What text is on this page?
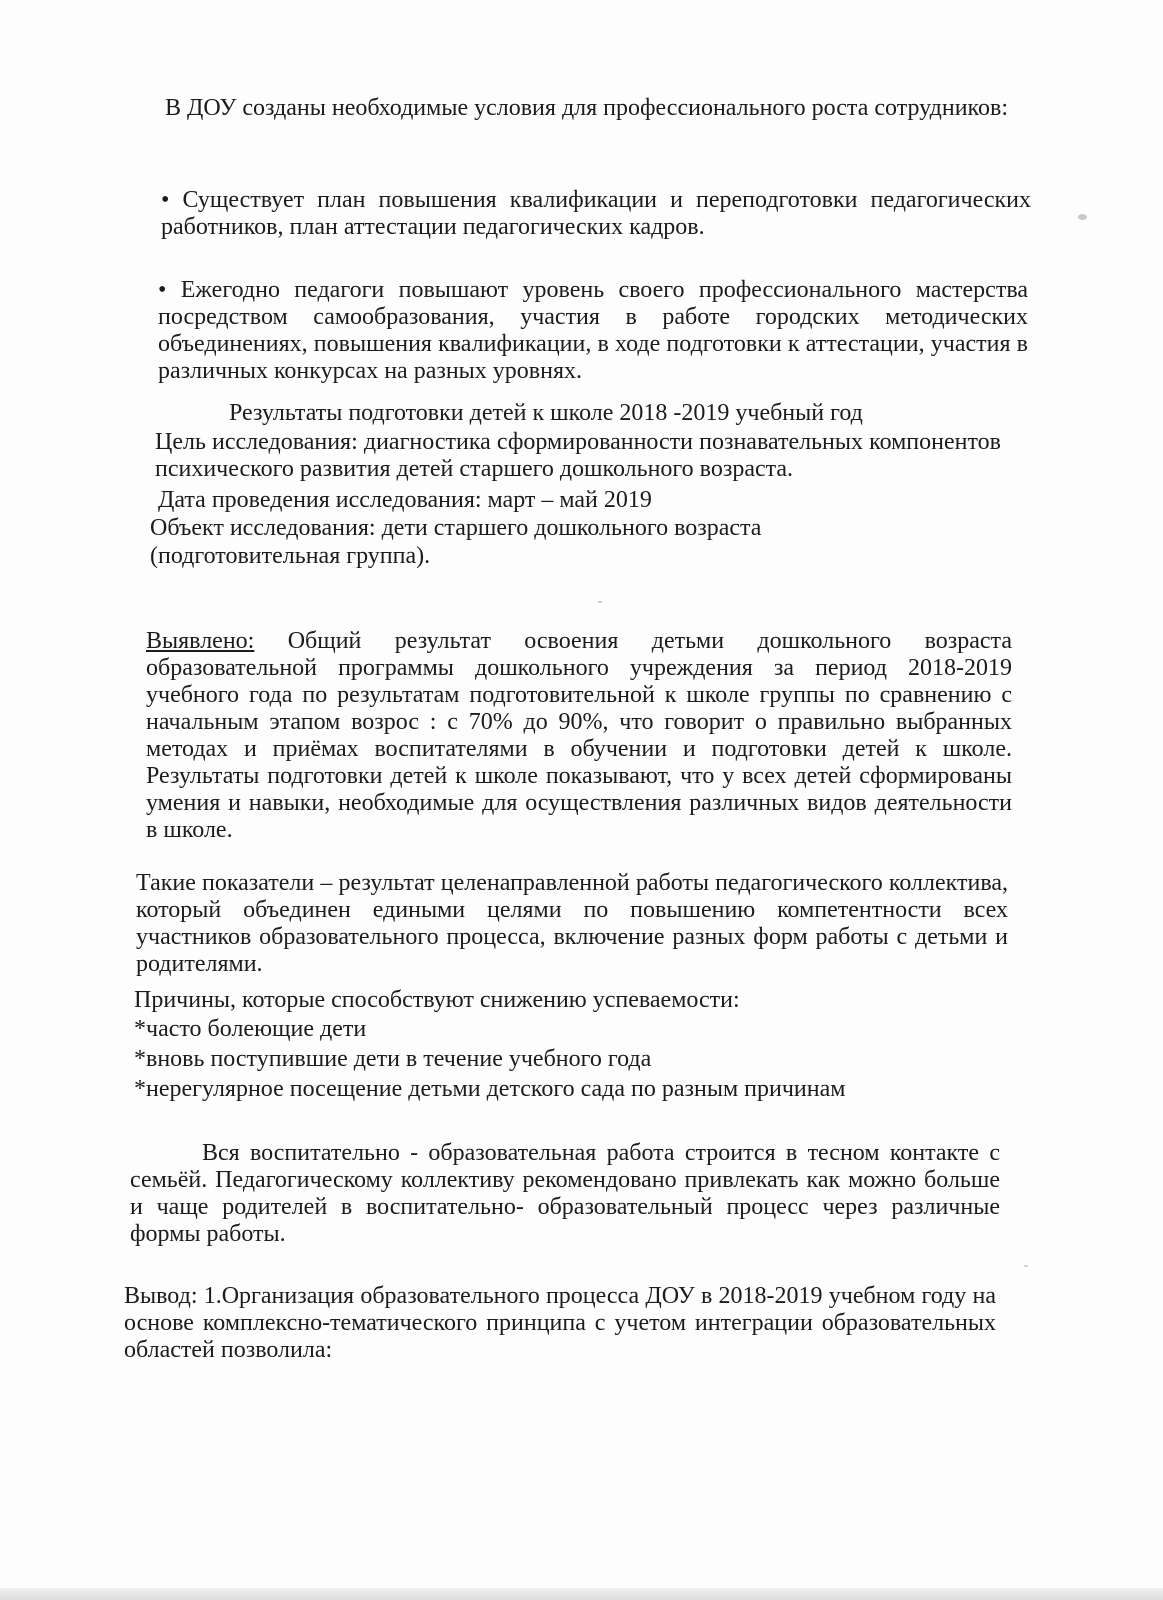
В ДОУ созданы необходимые условия для профессионального роста сотрудников:

• Существует план повышения квалификации и переподготовки педагогических работников, план аттестации педагогических кадров.

• Ежегодно педагоги повышают уровень своего профессионального мастерства посредством самообразования, участия в работе городских методических объединениях, повышения квалификации, в ходе подготовки к аттестации, участия в различных конкурсах на разных уровнях.

Результаты подготовки детей к школе 2018 -2019 учебный год

Цель исследования: диагностика сформированности познавательных компонентов психического развития детей старшего дошкольного возраста.

Дата проведения исследования: март – май 2019

Объект исследования: дети старшего дошкольного возраста

(подготовительная группа).

Выявлено: Общий результат освоения детьми дошкольного возраста образовательной программы дошкольного учреждения за период 2018-2019 учебного года по результатам подготовительной к школе группы по сравнению с начальным этапом возрос : с 70% до 90%, что говорит о правильно выбранных методах и приёмах воспитателями в обучении и подготовки детей к школе. Результаты подготовки детей к школе показывают, что у всех детей сформированы умения и навыки, необходимые для осуществления различных видов деятельности в школе.

Такие показатели – результат целенаправленной работы педагогического коллектива, который объединен едиными целями по повышению компетентности всех участников образовательного процесса, включение разных форм работы с детьми и родителями.

Причины, которые способствуют снижению успеваемости:

*часто болеющие дети

*вновь поступившие дети в течение учебного года

*нерегулярное посещение детьми детского сада по разным причинам

Вся воспитательно - образовательная работа строится в тесном контакте с семьёй. Педагогическому коллективу рекомендовано привлекать как можно больше и чаще родителей в воспитательно- образовательный процесс через различные формы работы.

Вывод: 1.Организация образовательного процесса ДОУ в 2018-2019 учебном году на основе комплексно-тематического принципа с учетом интеграции образовательных областей позволила:
